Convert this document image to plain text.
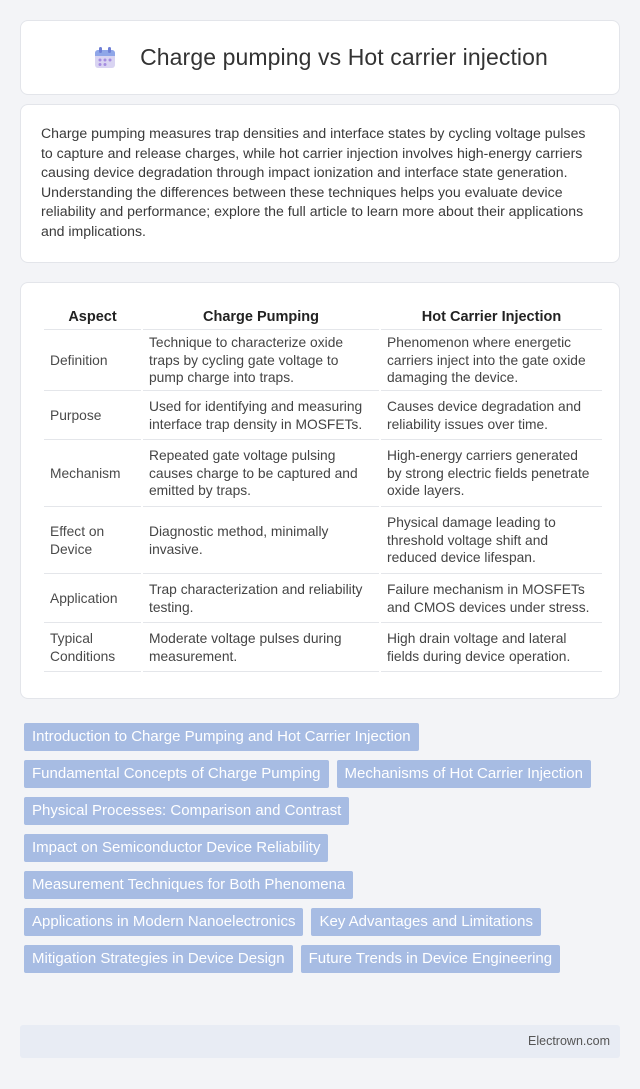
Charge pumping vs Hot carrier injection

Charge pumping measures trap densities and interface states by cycling voltage pulses to capture and release charges, while hot carrier injection involves high-energy carriers causing device degradation through impact ionization and interface state generation. Understanding the differences between these techniques helps you evaluate device reliability and performance; explore the full article to learn more about their applications and implications.

Aspect	Charge Pumping	Hot Carrier Injection
Definition	Technique to characterize oxide traps by cycling gate voltage to pump charge into traps.	Phenomenon where energetic carriers inject into the gate oxide damaging the device.
Purpose	Used for identifying and measuring interface trap density in MOSFETs.	Causes device degradation and reliability issues over time.
Mechanism	Repeated gate voltage pulsing causes charge to be captured and emitted by traps.	High-energy carriers generated by strong electric fields penetrate oxide layers.
Effect on Device	Diagnostic method, minimally invasive.	Physical damage leading to threshold voltage shift and reduced device lifespan.
Application	Trap characterization and reliability testing.	Failure mechanism in MOSFETs and CMOS devices under stress.
Typical Conditions	Moderate voltage pulses during measurement.	High drain voltage and lateral fields during device operation.
Introduction to Charge Pumping and Hot Carrier Injection
Fundamental Concepts of Charge Pumping	Mechanisms of Hot Carrier Injection
Physical Processes: Comparison and Contrast
Impact on Semiconductor Device Reliability
Measurement Techniques for Both Phenomena
Applications in Modern Nanoelectronics	Key Advantages and Limitations
Mitigation Strategies in Device Design	Future Trends in Device Engineering
Electrown.com
